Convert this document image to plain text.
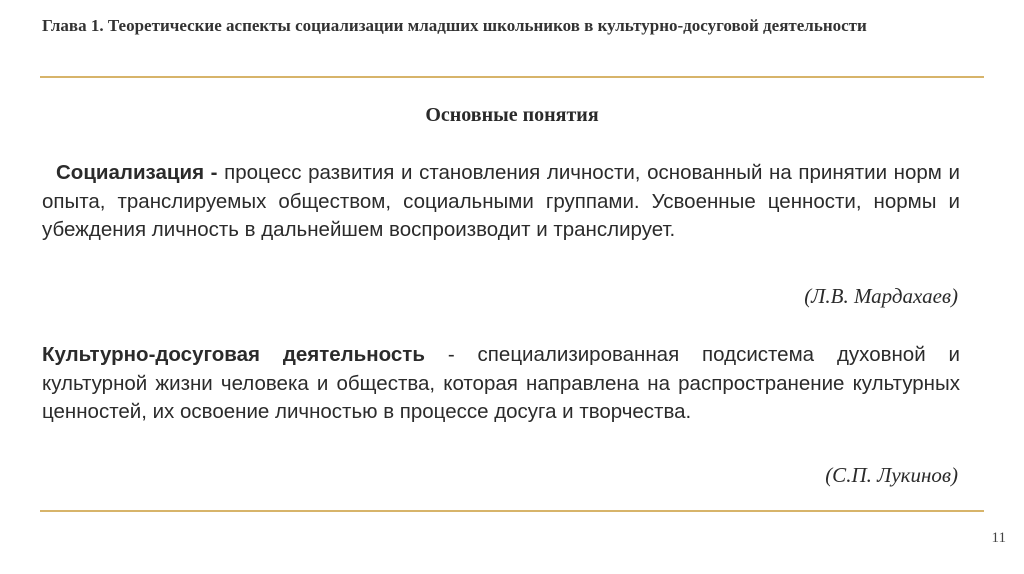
Глава 1. Теоретические аспекты социализации младших школьников в культурно-досуговой деятельности
Основные понятия
Социализация - процесс развития и становления личности, основанный на принятии норм и опыта, транслируемых обществом, социальными группами. Усвоенные ценности, нормы и убеждения личность в дальнейшем воспроизводит и транслирует.
(Л.В. Мардахаев)
Культурно-досуговая деятельность - специализированная подсистема духовной и культурной жизни человека и общества, которая направлена на распространение культурных ценностей, их освоение личностью в процессе досуга и творчества.
(С.П. Лукинов)
11
